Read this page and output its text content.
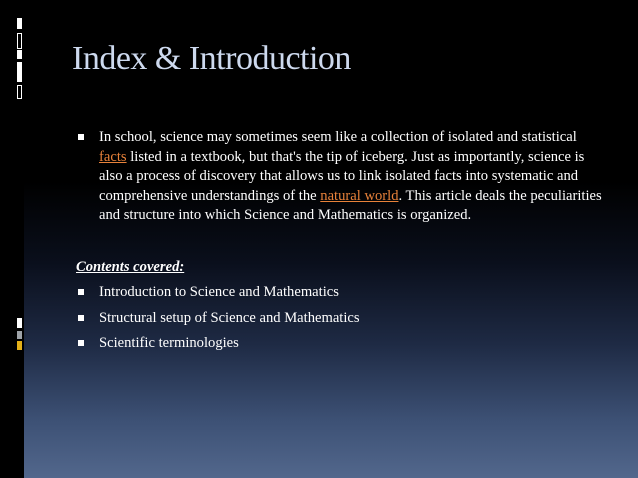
Index & Introduction
In school, science may sometimes seem like a collection of isolated and statistical facts listed in a textbook, but that's the tip of iceberg. Just as importantly, science is also a process of discovery that allows us to link isolated facts into systematic and comprehensive understandings of the natural world. This article deals the peculiarities and structure into which Science and Mathematics is organized.
Contents covered:
Introduction to Science and Mathematics
Structural setup of Science and Mathematics
Scientific terminologies
